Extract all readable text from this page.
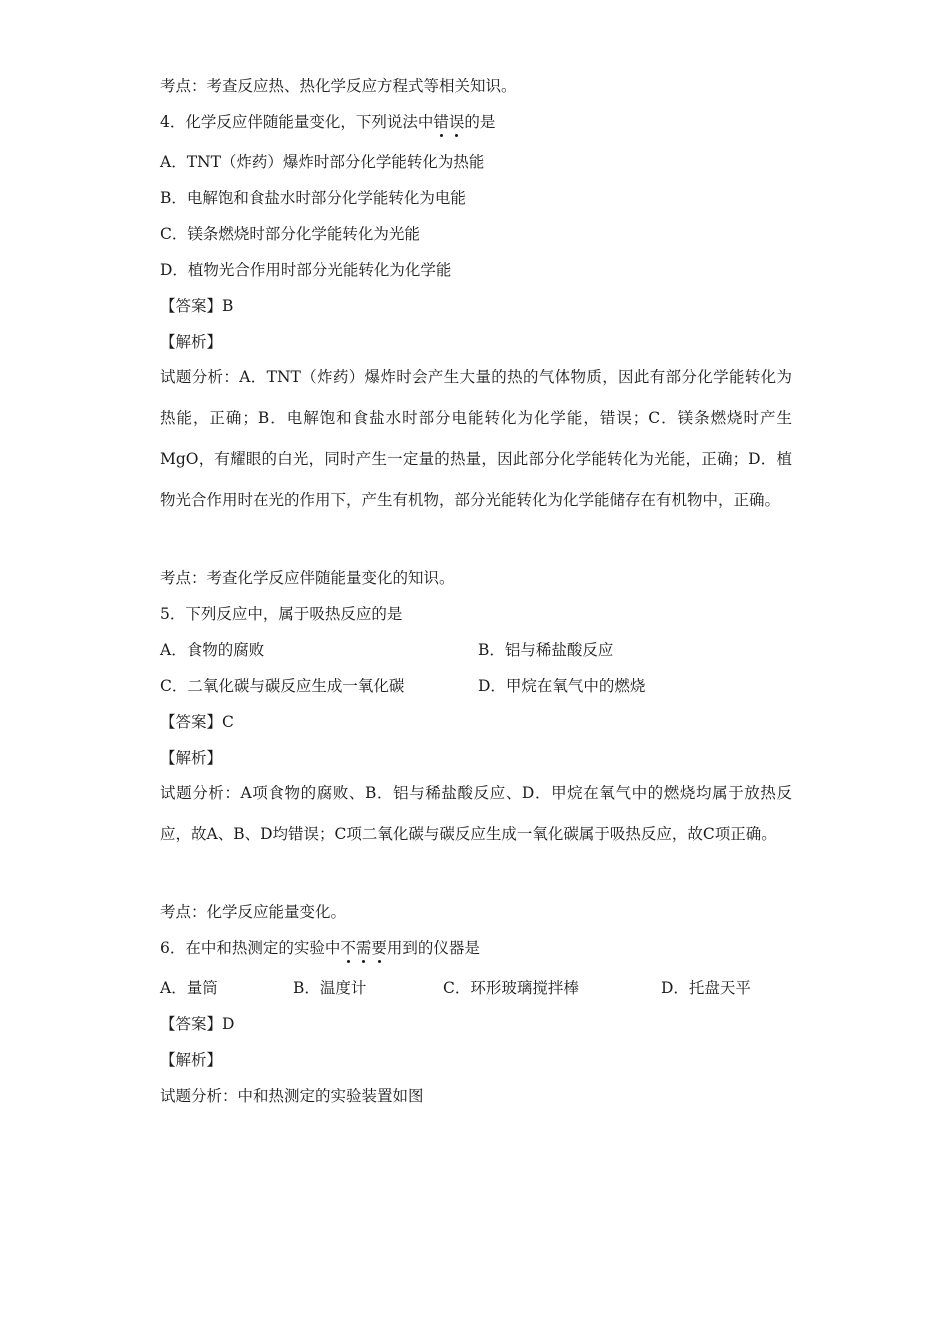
考点：考查反应热、热化学反应方程式等相关知识。
4．化学反应伴随能量变化，下列说法中错误的是
A．TNT（炸药）爆炸时部分化学能转化为热能
B．电解饱和食盐水时部分化学能转化为电能
C．镁条燃烧时部分化学能转化为光能
D．植物光合作用时部分光能转化为化学能
【答案】B
【解析】
试题分析：A．TNT（炸药）爆炸时会产生大量的热的气体物质，因此有部分化学能转化为热能，正确；B．电解饱和食盐水时部分电能转化为化学能，错误；C．镁条燃烧时产生MgO，有耀眼的白光，同时产生一定量的热量，因此部分化学能转化为光能，正确；D．植物光合作用时在光的作用下，产生有机物，部分光能转化为化学能储存在有机物中，正确。
考点：考查化学反应伴随能量变化的知识。
5．下列反应中，属于吸热反应的是
A．食物的腐败	B．铝与稀盐酸反应
C．二氧化碳与碳反应生成一氧化碳	D．甲烷在氧气中的燃烧
【答案】C
【解析】
试题分析：A项食物的腐败、B．铝与稀盐酸反应、D．甲烷在氧气中的燃烧均属于放热反应，故A、B、D均错误；C项二氧化碳与碳反应生成一氧化碳属于吸热反应，故C项正确。
考点：化学反应能量变化。
6．在中和热测定的实验中不需要用到的仪器是
A．量筒	B．温度计	C．环形玻璃搅拌棒	D．托盘天平
【答案】D
【解析】
试题分析：中和热测定的实验装置如图
